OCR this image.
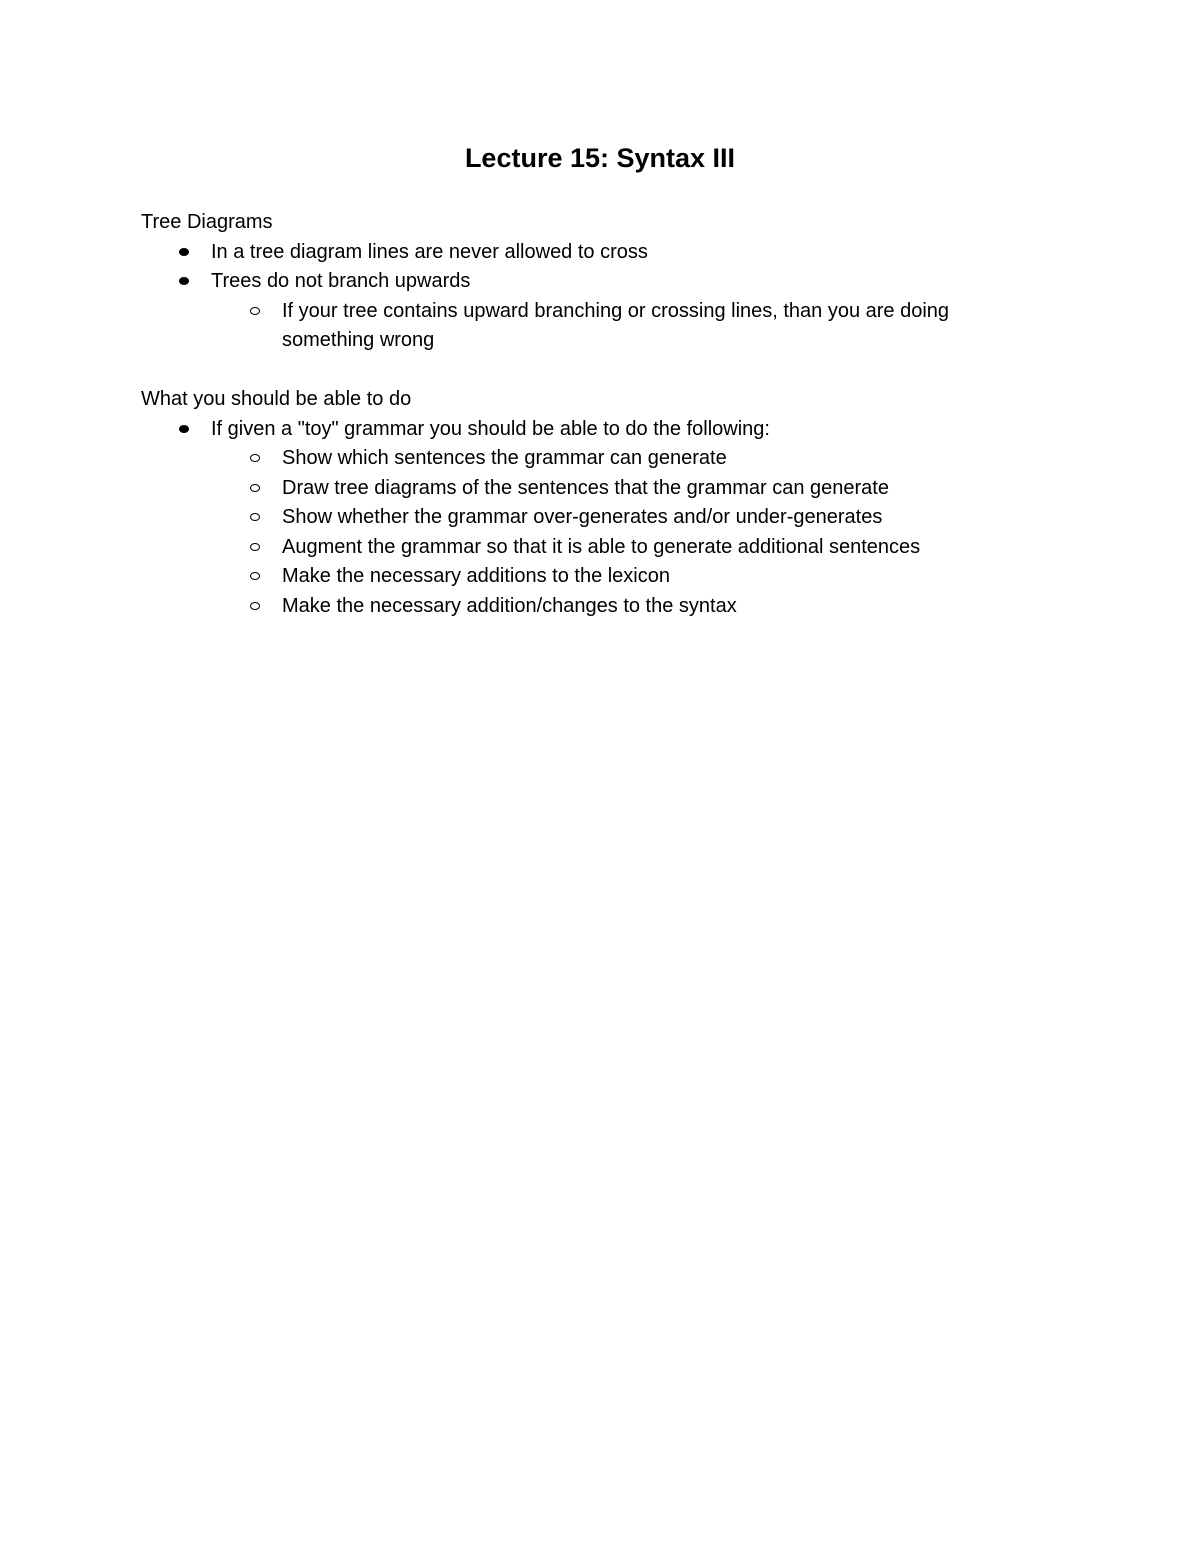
Lecture 15: Syntax III
Tree Diagrams
In a tree diagram lines are never allowed to cross
Trees do not branch upwards
If your tree contains upward branching or crossing lines, than you are doing something wrong
What you should be able to do
If given a "toy" grammar you should be able to do the following:
Show which sentences the grammar can generate
Draw tree diagrams of the sentences that the grammar can generate
Show whether the grammar over-generates and/or under-generates
Augment the grammar so that it is able to generate additional sentences
Make the necessary additions to the lexicon
Make the necessary addition/changes to the syntax
